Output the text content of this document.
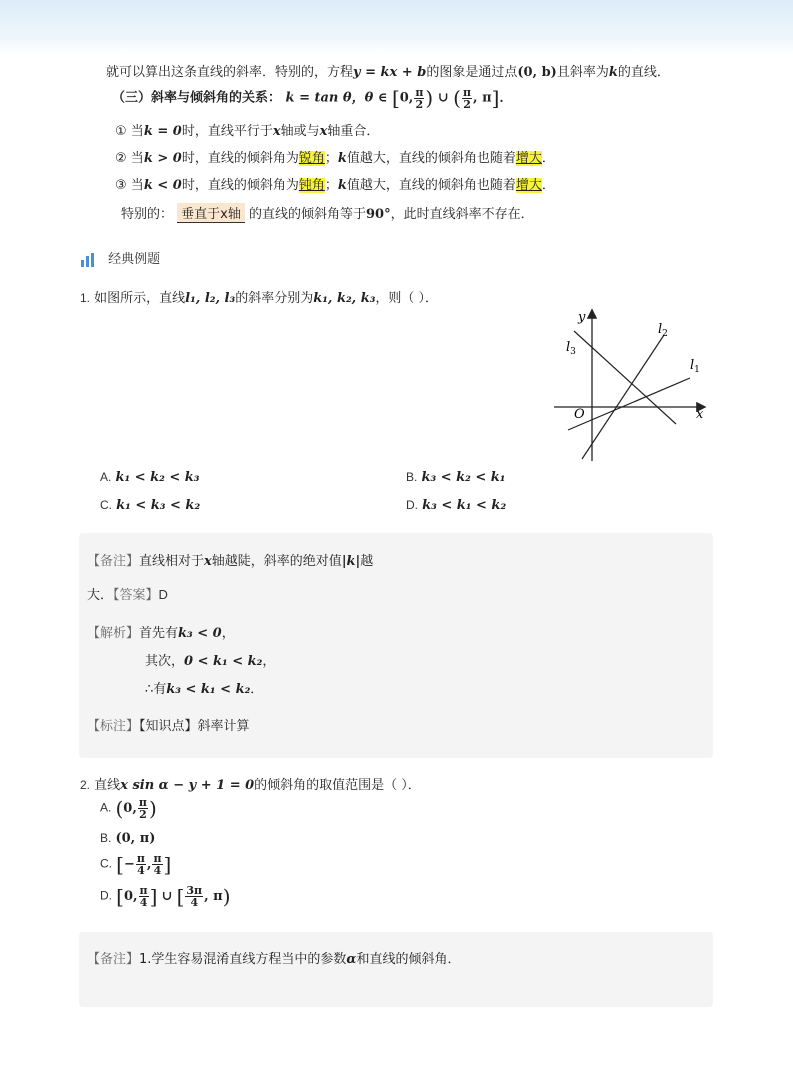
就可以算出这条直线的斜率．特别的，方程y = kx + b的图象是通过点(0, b)且斜率为k的直线．
（三）斜率与倾斜角的关系： k = tan θ，θ ∈ [0, $\frac{\pi}{2}$ ) ∪ ( $\frac{\pi}{2}$ , π]．
① 当k = 0时，直线平行于x轴或与x轴重合．
② 当k > 0时，直线的倾斜角为锐角；k值越大，直线的倾斜角也随着增大．
③ 当k < 0时，直线的倾斜角为钝角；k值越大，直线的倾斜角也随着增大．
特别的： 垂直于x轴 的直线的倾斜角等于90°，此时直线斜率不存在．
经典例题
1. 如图所示，直线l₁, l₂, l₃的斜率分别为k₁, k₂, k₃，则（ ）．
y
x
O
$l_3$
$l_2$
$l_1$
A. k₁ < k₂ < k₃	B. k₃ < k₂ < k₁
C. k₁ < k₃ < k₂	D. k₃ < k₁ < k₂
【备注】直线相对于x轴越陡，斜率的绝对值|k|越
大．【答案】D
【解析】首先有k₃ < 0，
其次，0 < k₁ < k₂，
∴有k₃ < k₁ < k₂．
【标注】【知识点】斜率计算
2. 直线x sin α − y + 1 = 0的倾斜角的取值范围是（ ）．
A. (0, $\frac{\pi}{2}$ )
B. (0, π)
C. [− $\frac{\pi}{4}$ , $\frac{\pi}{4}$ ]
D. [0, $\frac{\pi}{4}$ ] ∪ [ $\frac{3\pi}{4}$ , π)
【备注】1.学生容易混淆直线方程当中的参数α和直线的倾斜角．
